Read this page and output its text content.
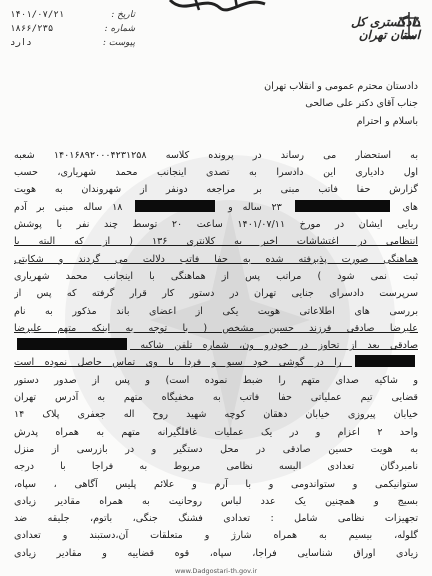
تاریخ :
۱۴۰۱/۰۷/۲۱
شماره :
۱۸۶۶/۲۳۵
پیوست :
دارد
دادگستری کل استان تهران

دادستان محترم عمومی و انقلاب تهران

جناب آقای دکتر علی صالحی

باسلام و احترام

به استحضار می رساند در پرونده کلاسه ۱۴۰۱۶۸۹۲۰۰۰۴۲۳۱۲۵۸ شعبه
اول دادیاری این دادسرا به تصدی اینجانب محمد شهریاری، حسب
گزارش حفا فاتب مبنی بر مراجعه دونفر از شهروندان به هویت
های  ۲۳ ساله و  ۱۸ ساله مبنی بر آدم
ربایی ایشان در مورخ ۱۴۰۱/۰۷/۱۱ ساعت ۲۰ توسط چند نفر با پوشش
انتظامی در اغتشاشات اخیر به کلانتری ۱۳۶ ( از که البته با
هماهنگی صورت پذیرفته شده به حفا فاتب دلالت می گردند و شکایتی
ثبت نمی شود ) مراتب پس از هماهنگی با اینجانب محمد شهریاری
سرپرست دادسرای جنایی تهران در دستور کار قرار گرفته که پس از
بررسی های اطلاعاتی هویت یکی از اعضای باند مذکور به نام
علیرضا صادقی فرزند حسین مشخص ( با توجه به اینکه متهم علیرضا
صادقی بعد از تجاوز در خودرو ون، شماره تلفن شاکیه
را در گوشی خود سیو و فردا با وی تماس حاصل نموده است
و شاکیه صدای متهم را ضبط نموده است) و پس از صدور دستور
قضایی تیم عملیاتی حفا فاتب به مخفیگاه متهم به آدرس تهران
خیابان پیروزی خیابان دهقان کوچه شهید روح اله جعفری پلاک ۱۴
واحد ۲ اعزام و در یک عملیات غافلگیرانه متهم به همراه پدرش
به هویت حسین صادقی در محل دستگیر و در بازرسی از منزل
نامبردگان تعدادی البسه نظامی مربوط به فراجا با درجه
ستوانیکمی و ستواندومی و با آرم و علائم پلیس آگاهی ، سپاه،
بسیج و همچنین یک عدد لباس روحانیت به همراه مقادیر زیادی
تجهیزات نظامی شامل : تعدادی فشنگ جنگی، باتوم، جلیقه ضد
گلوله، بیسیم به همراه شارژ و متعلقات آن،دستبند و تعدادی
زیادی اوراق شناسایی فراجا، سپاه، قوه قضاییه و مقادیر زیادی
www.Dadgostari-th.gov.ir
